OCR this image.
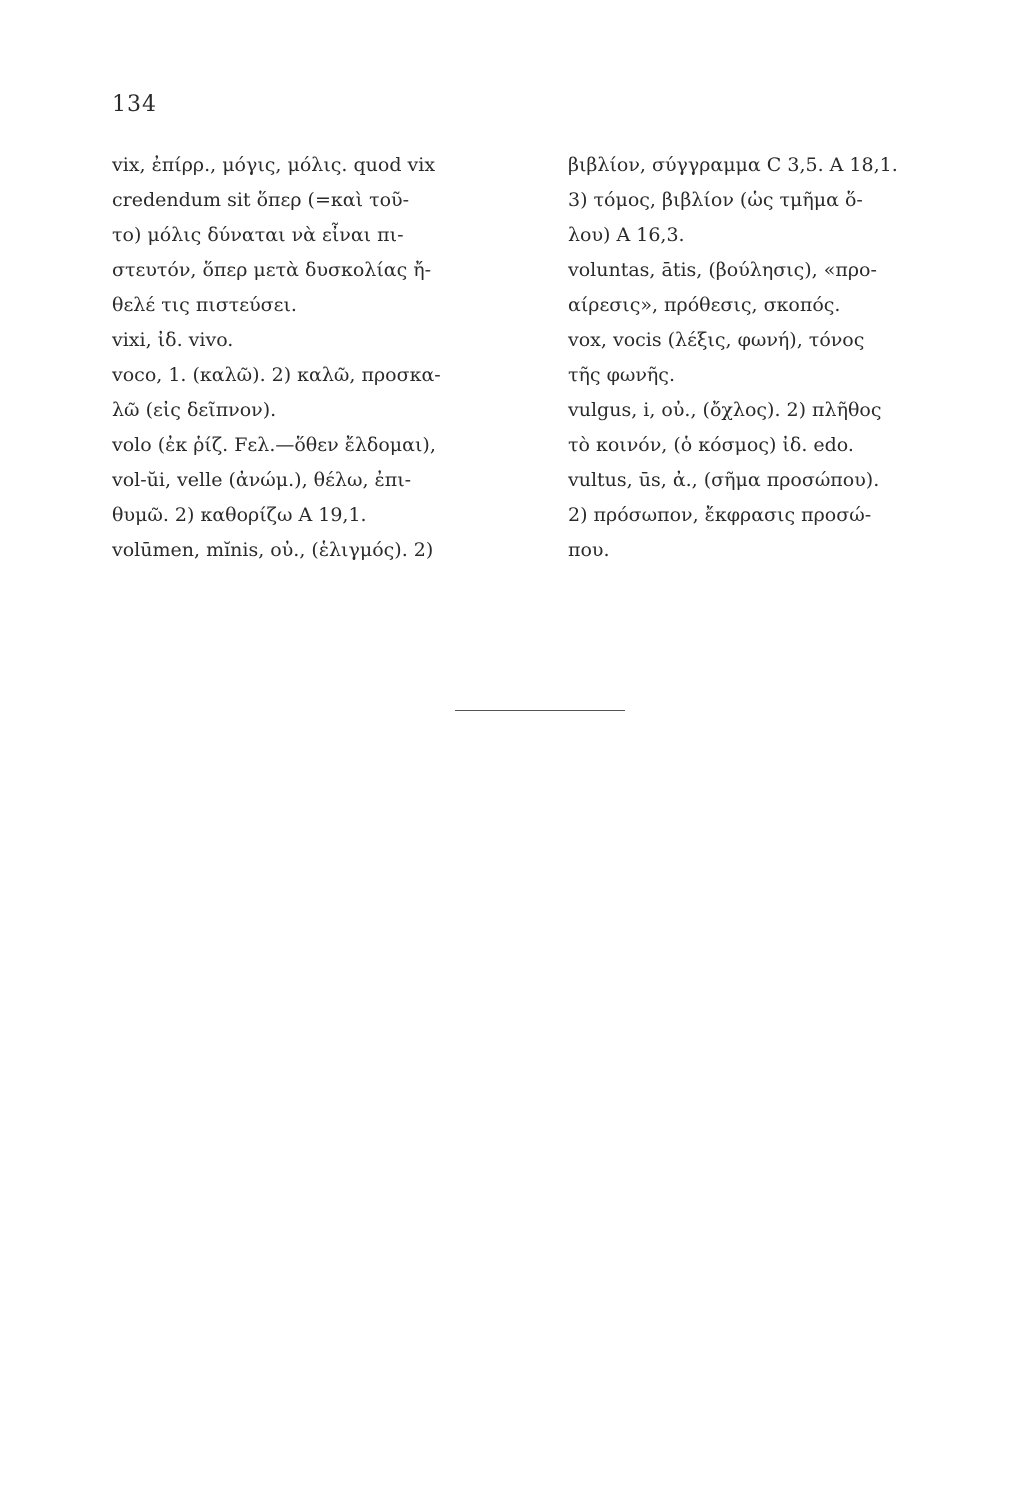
134
vix, ἐπίρρ., μόγις, μόλις. quod vix
credendum sit ὅπερ (=καὶ τοῦ-
το) μόλις δύναται νὰ εἶναι πι-
στευτόν, ὅπερ μετὰ δυσκολίας ἤ-
θελέ τις πιστεύσει.
vixi, ἰδ. vivo.
voco, 1. (καλῶ). 2) καλῶ, προσκα-
λῶ (εἰς δεῖπνον).
volo (ἐκ ῥίζ. Fελ.—ὅθεν ἔλδομαι),
vol-ŭi, velle (ἀνώμ.), θέλω, ἐπι-
θυμῶ. 2) καθορίζω Α 19,1.
volūmen, mĭnis, οὐ., (ἑλιγμός). 2)
βιβλίον, σύγγραμμα C 3,5. A 18,1.
3) τόμος, βιβλίον (ὡς τμῆμα ὅ-
λου) A 16,3.
voluntas, ātis, (βούλησις), «προ-
αίρεσις», πρόθεσις, σκοπός.
vox, vocis (λέξις, φωνή), τόνος
τῆς φωνῆς.
vulgus, i, οὐ., (ὄχλος). 2) πλῆθος
τὸ κοινόν, (ὁ κόσμος) ἰδ. edo.
vultus, ūs, ἀ., (σῆμα προσώπου).
2) πρόσωπον, ἔκφρασις προσώ-
που.
